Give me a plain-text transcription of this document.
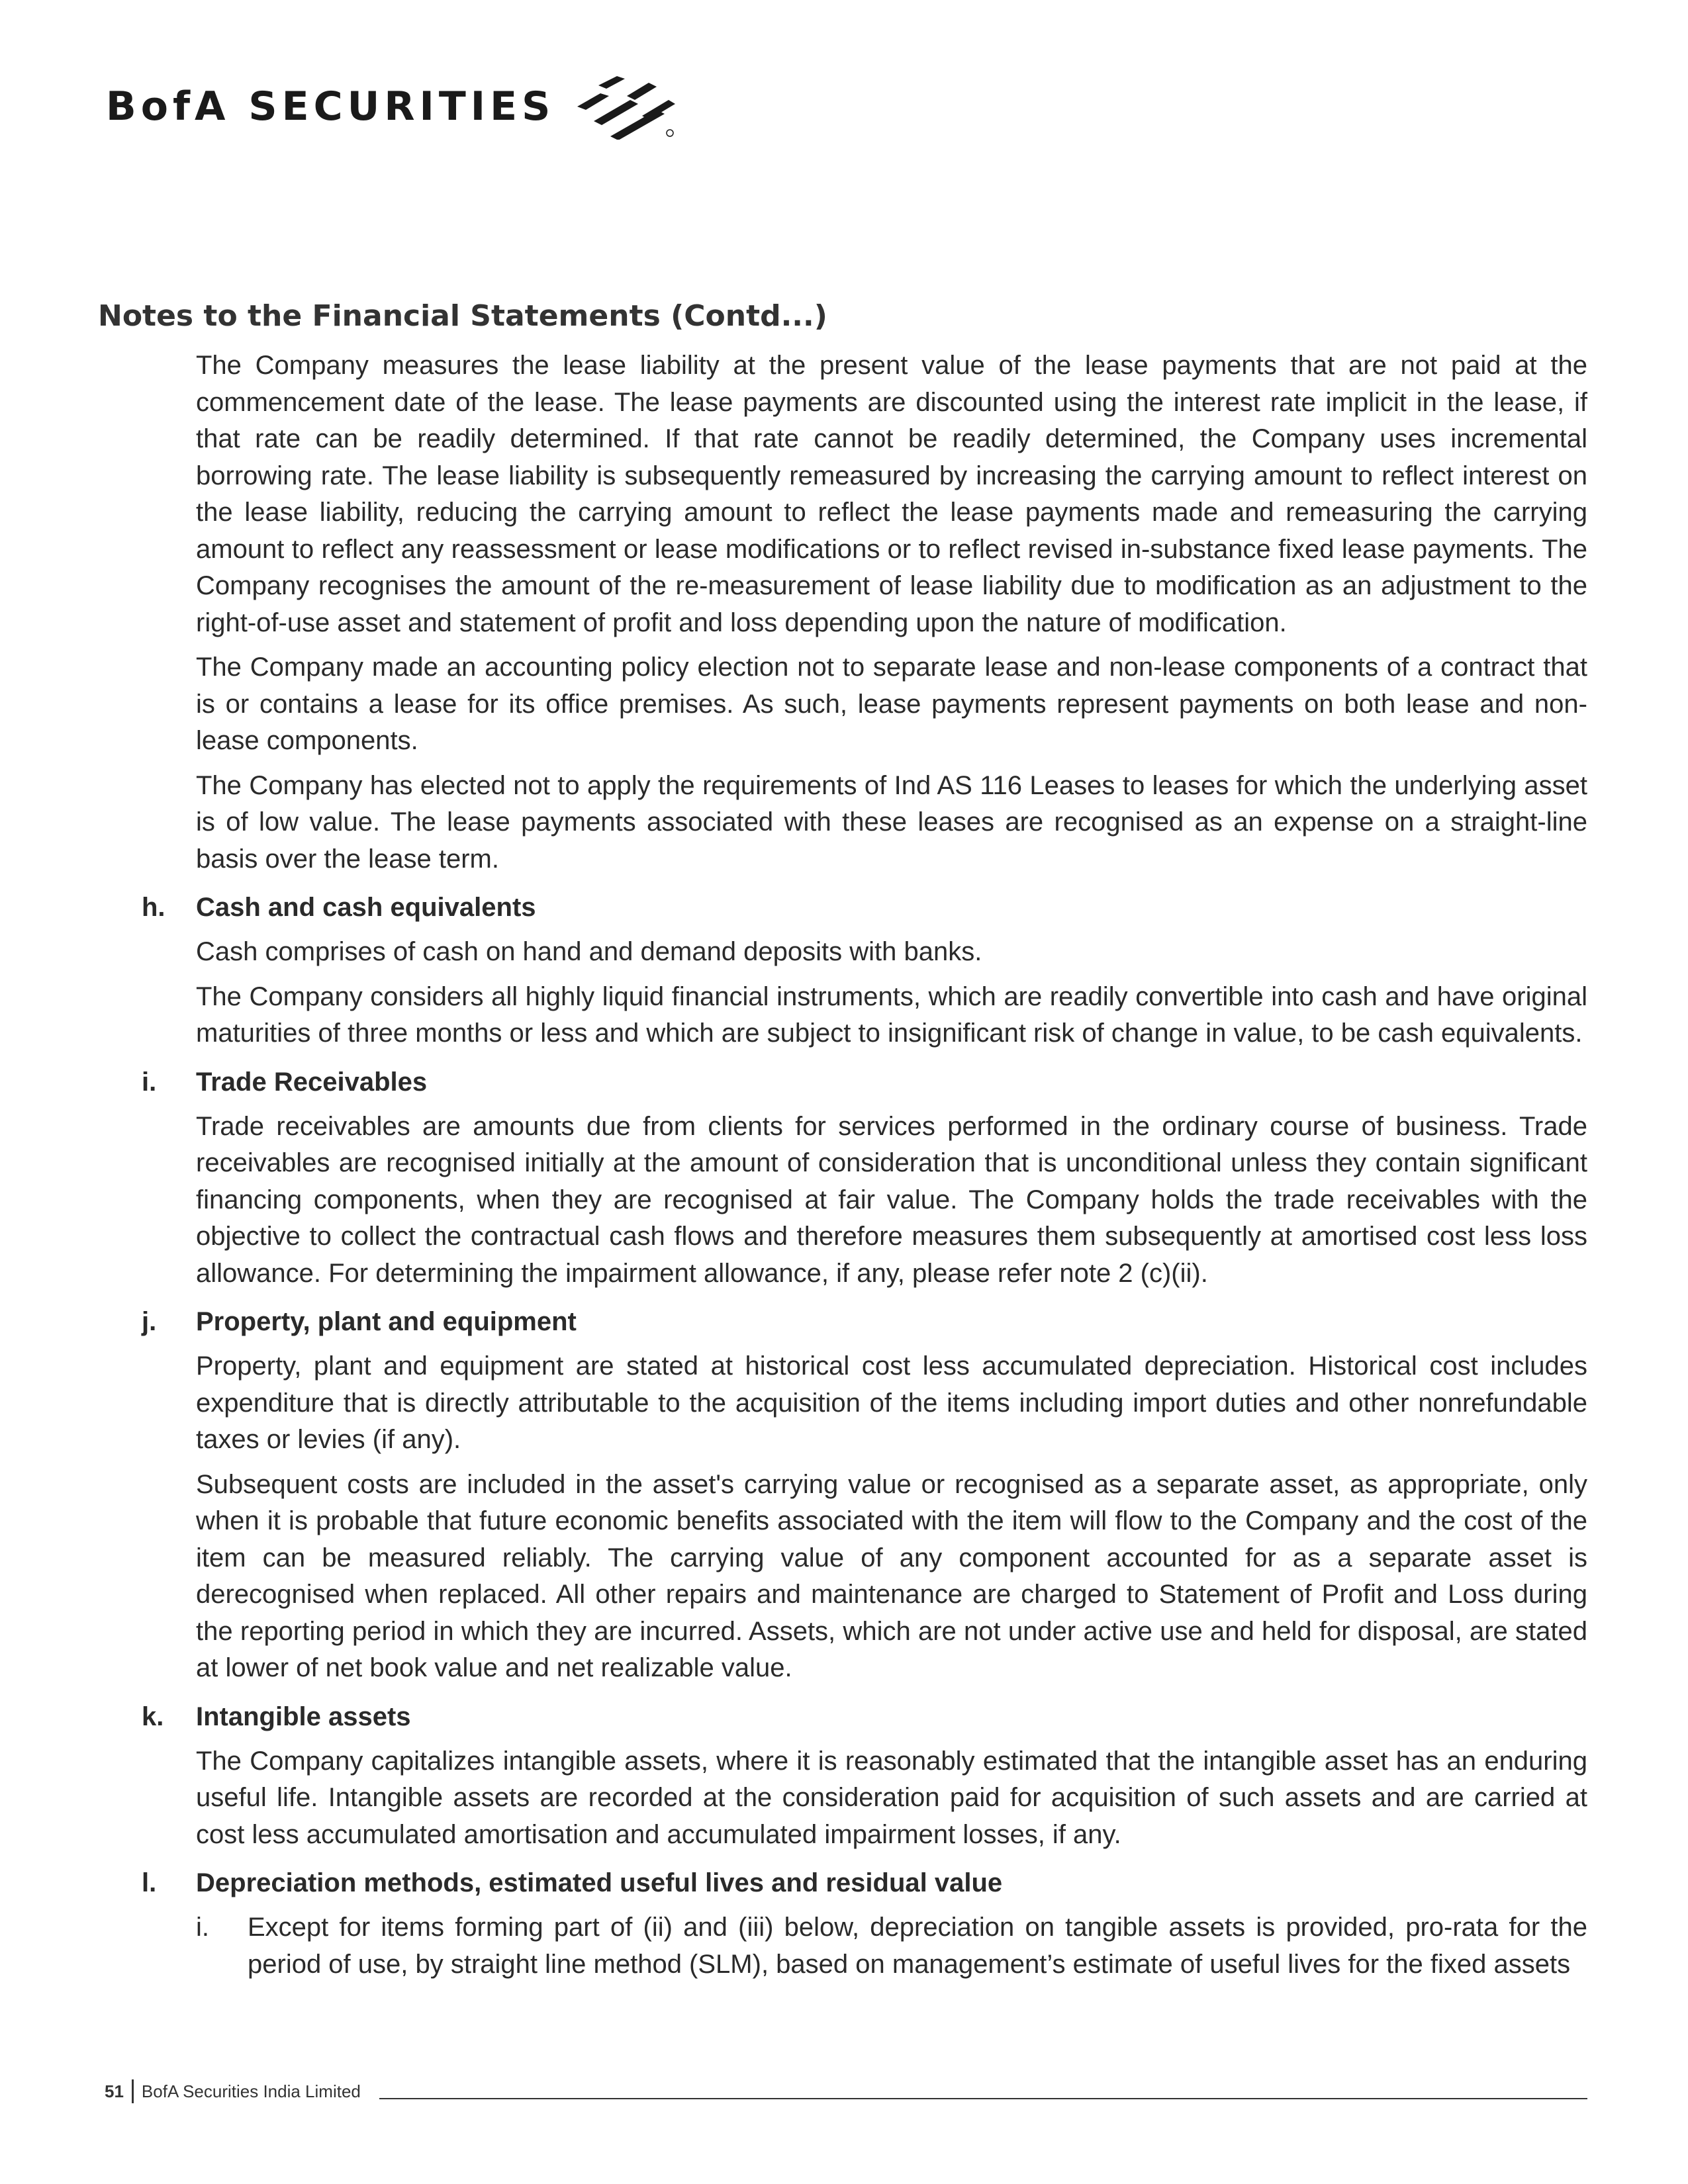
BofA SECURITIES
Notes to the Financial Statements (Contd...)

The Company measures the lease liability at the present value of the lease payments that are not paid at the commencement date of the lease. The lease payments are discounted using the interest rate implicit in the lease, if that rate can be readily determined. If that rate cannot be readily determined, the Company uses incremental borrowing rate. The lease liability is subsequently remeasured by increasing the carrying amount to reflect interest on the lease liability, reducing the carrying amount to reflect the lease payments made and remeasuring the carrying amount to reflect any reassessment or lease modifications or to reflect revised in-substance fixed lease payments. The Company recognises the amount of the re-measurement of lease liability due to modification as an adjustment to the right-of-use asset and statement of profit and loss depending upon the nature of modification.

The Company made an accounting policy election not to separate lease and non-lease components of a contract that is or contains a lease for its office premises. As such, lease payments represent payments on both lease and non-lease components.

The Company has elected not to apply the requirements of Ind AS 116 Leases to leases for which the underlying asset is of low value. The lease payments associated with these leases are recognised as an expense on a straight-line basis over the lease term.

h. Cash and cash equivalents

Cash comprises of cash on hand and demand deposits with banks.

The Company considers all highly liquid financial instruments, which are readily convertible into cash and have original maturities of three months or less and which are subject to insignificant risk of change in value, to be cash equivalents.

i. Trade Receivables

Trade receivables are amounts due from clients for services performed in the ordinary course of business. Trade receivables are recognised initially at the amount of consideration that is unconditional unless they contain significant financing components, when they are recognised at fair value. The Company holds the trade receivables with the objective to collect the contractual cash flows and therefore measures them subsequently at amortised cost less loss allowance. For determining the impairment allowance, if any, please refer note 2 (c)(ii).

j. Property, plant and equipment

Property, plant and equipment are stated at historical cost less accumulated depreciation. Historical cost includes expenditure that is directly attributable to the acquisition of the items including import duties and other nonrefundable taxes or levies (if any).

Subsequent costs are included in the asset's carrying value or recognised as a separate asset, as appropriate, only when it is probable that future economic benefits associated with the item will flow to the Company and the cost of the item can be measured reliably. The carrying value of any component accounted for as a separate asset is derecognised when replaced. All other repairs and maintenance are charged to Statement of Profit and Loss during the reporting period in which they are incurred. Assets, which are not under active use and held for disposal, are stated at lower of net book value and net realizable value.

k. Intangible assets

The Company capitalizes intangible assets, where it is reasonably estimated that the intangible asset has an enduring useful life. Intangible assets are recorded at the consideration paid for acquisition of such assets and are carried at cost less accumulated amortisation and accumulated impairment losses, if any.

l. Depreciation methods, estimated useful lives and residual value
i. Except for items forming part of (ii) and (iii) below, depreciation on tangible assets is provided, pro-rata for the period of use, by straight line method (SLM), based on management’s estimate of useful lives for the fixed assets

51 BofA Securities India Limited
